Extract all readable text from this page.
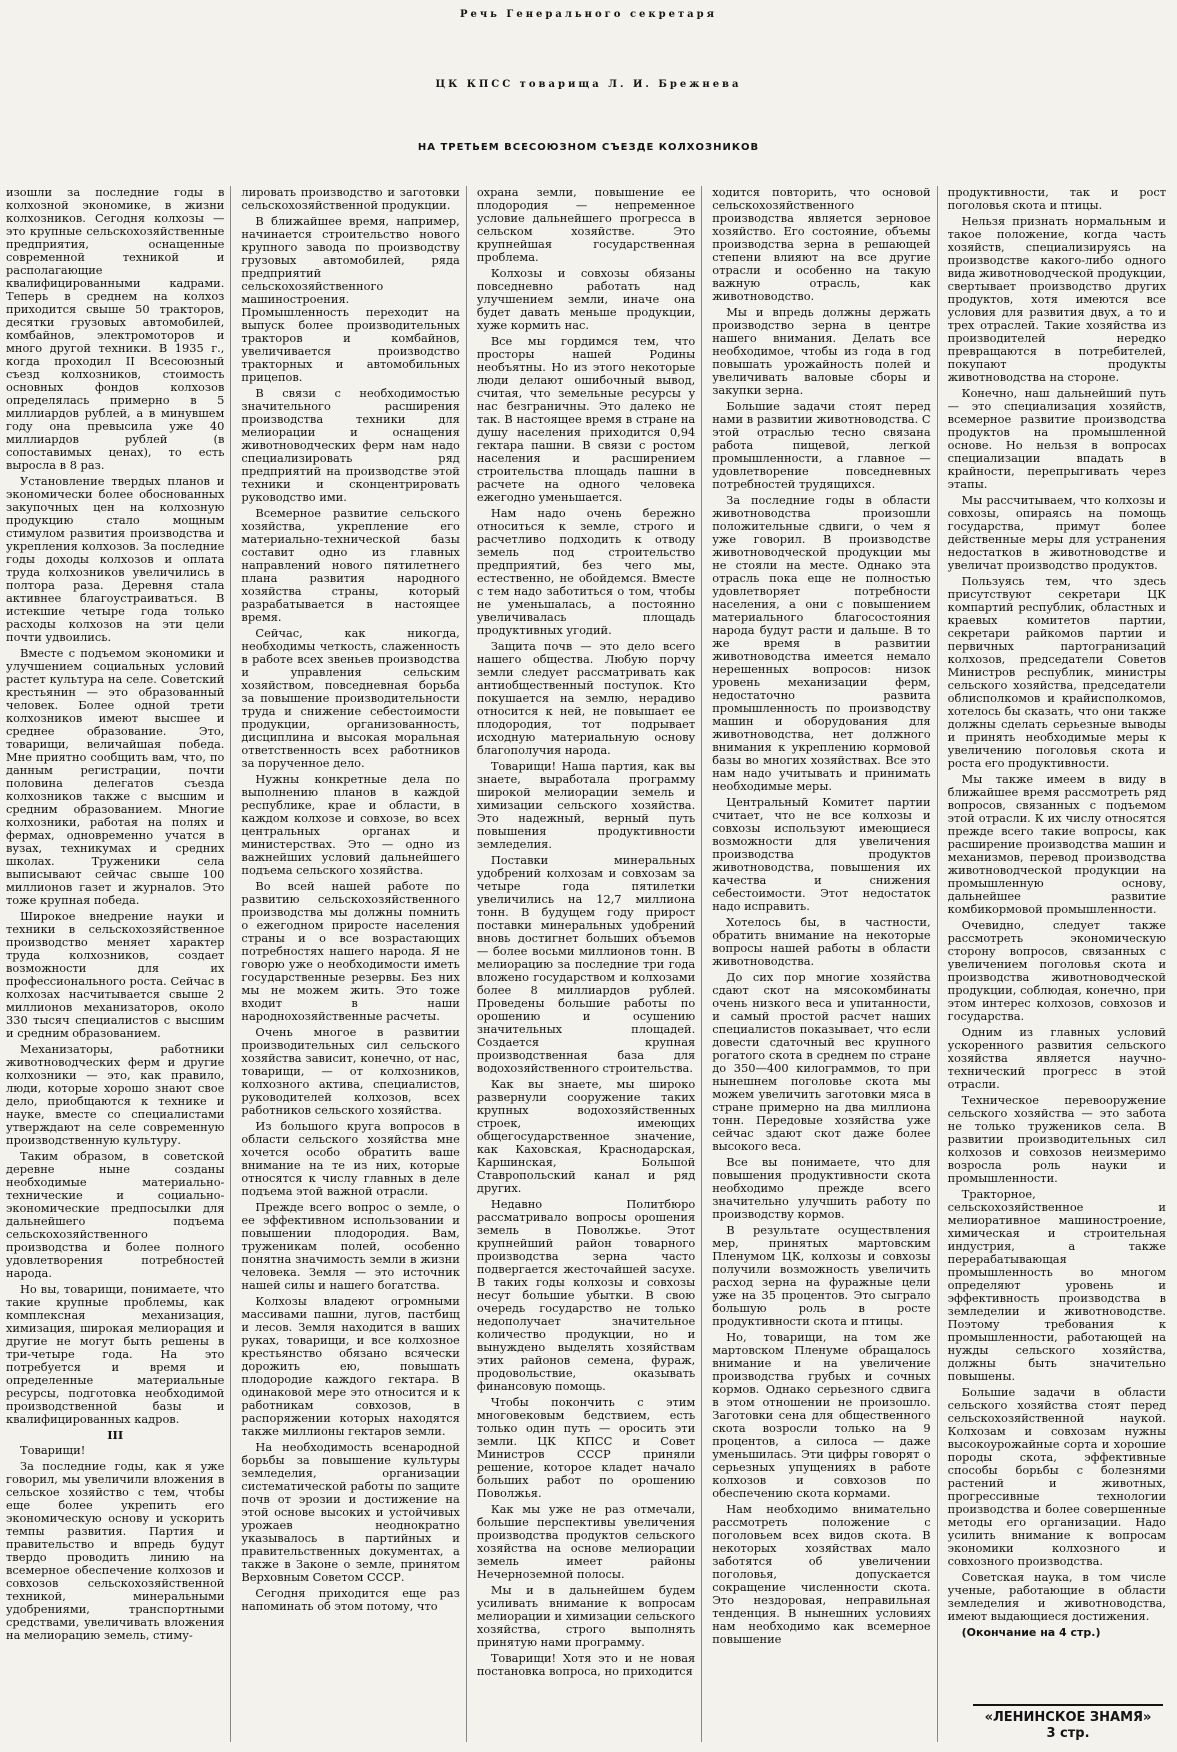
Речь Генерального секретаря
ЦК КПСС товарища Л. И. Брежнева
НА ТРЕТЬЕМ ВСЕСОЮЗНОМ СЪЕЗДЕ КОЛХОЗНИКОВ

изошли за последние годы в колхозной экономике, в жизни колхозников. Сегодня колхозы — это крупные сельскохозяйственные предприятия, оснащенные современной техникой и располагающие квалифицированными кадрами. Теперь в среднем на колхоз приходится свыше 50 тракторов, десятки грузовых автомобилей, комбайнов, электромоторов и много другой техники. В 1935 г., когда проходил II Всесоюзный съезд колхозников, стоимость основных фондов колхозов определялась примерно в 5 миллиардов рублей, а в минувшем году она превысила уже 40 миллиардов рублей (в сопоставимых ценах), то есть выросла в 8 раз.

Установление твердых планов и экономически более обоснованных закупочных цен на колхозную продукцию стало мощным стимулом развития производства и укрепления колхозов. За последние годы доходы колхозов и оплата труда колхозников увеличились в полтора раза. Деревня стала активнее благоустраиваться. В истекшие четыре года только расходы колхозов на эти цели почти удвоились.

Вместе с подъемом экономики и улучшением социальных условий растет культура на селе. Советский крестьянин — это образованный человек. Более одной трети колхозников имеют высшее и среднее образование. Это, товарищи, величайшая победа. Мне приятно сообщить вам, что, по данным регистрации, почти половина делегатов съезда колхозников также с высшим и средним образованием. Многие колхозники, работая на полях и фермах, одновременно учатся в вузах, техникумах и средних школах. Труженики села выписывают сейчас свыше 100 миллионов газет и журналов. Это тоже крупная победа.

Широкое внедрение науки и техники в сельскохозяйственное производство меняет характер труда колхозников, создает возможности для их профессионального роста. Сейчас в колхозах насчитывается свыше 2 миллионов механизаторов, около 330 тысяч специалистов с высшим и средним образованием.

Механизаторы, работники животноводческих ферм и другие колхозники — это, как правило, люди, которые хорошо знают свое дело, приобщаются к технике и науке, вместе со специалистами утверждают на селе современную производственную культуру.

Таким образом, в советской деревне ныне созданы необходимые материально-технические и социально-экономические предпосылки для дальнейшего подъема сельскохозяйственного производства и более полного удовлетворения потребностей народа.

Но вы, товарищи, понимаете, что такие крупные проблемы, как комплексная механизация, химизация, широкая мелиорация и другие не могут быть решены в три-четыре года. На это потребуется и время и определенные материальные ресурсы, подготовка необходимой производственной базы и квалифицированных кадров.

III

Товарищи!

За последние годы, как я уже говорил, мы увеличили вложения в сельское хозяйство с тем, чтобы еще более укрепить его экономическую основу и ускорить темпы развития. Партия и правительство и впредь будут твердо проводить линию на всемерное обеспечение колхозов и совхозов сельскохозяйственной техникой, минеральными удобрениями, транспортными средствами, увеличивать вложения на мелиорацию земель, стиму-

лировать производство и заготовки сельскохозяйственной продукции.

В ближайшее время, например, начинается строительство нового крупного завода по производству грузовых автомобилей, ряда предприятий сельскохозяйственного машиностроения. Промышленность переходит на выпуск более производительных тракторов и комбайнов, увеличивается производство тракторных и автомобильных прицепов.

В связи с необходимостью значительного расширения производства техники для мелиорации и оснащения животноводческих ферм нам надо специализировать ряд предприятий на производстве этой техники и сконцентрировать руководство ими.

Всемерное развитие сельского хозяйства, укрепление его материально-технической базы составит одно из главных направлений нового пятилетнего плана развития народного хозяйства страны, который разрабатывается в настоящее время.

Сейчас, как никогда, необходимы четкость, слаженность в работе всех звеньев производства и управления сельским хозяйством, повседневная борьба за повышение производительности труда и снижение себестоимости продукции, организованность, дисциплина и высокая моральная ответственность всех работников за порученное дело.

Нужны конкретные дела по выполнению планов в каждой республике, крае и области, в каждом колхозе и совхозе, во всех центральных органах и министерствах. Это — одно из важнейших условий дальнейшего подъема сельского хозяйства.

Во всей нашей работе по развитию сельскохозяйственного производства мы должны помнить о ежегодном приросте населения страны и о все возрастающих потребностях нашего народа. Я не говорю уже о необходимости иметь государственные резервы. Без них мы не можем жить. Это тоже входит в наши народнохозяйственные расчеты.

Очень многое в развитии производительных сил сельского хозяйства зависит, конечно, от нас, товарищи, — от колхозников, колхозного актива, специалистов, руководителей колхозов, всех работников сельского хозяйства.

Из большого круга вопросов в области сельского хозяйства мне хочется особо обратить ваше внимание на те из них, которые относятся к числу главных в деле подъема этой важной отрасли.

Прежде всего вопрос о земле, о ее эффективном использовании и повышении плодородия. Вам, труженикам полей, особенно понятна значимость земли в жизни человека. Земля — это источник нашей силы и нашего богатства.

Колхозы владеют огромными массивами пашни, лугов, пастбищ и лесов. Земля находится в ваших руках, товарищи, и все колхозное крестьянство обязано всячески дорожить ею, повышать плодородие каждого гектара. В одинаковой мере это относится и к работникам совхозов, в распоряжении которых находятся также миллионы гектаров земли.

На необходимость всенародной борьбы за повышение культуры земледелия, организации систематической работы по защите почв от эрозии и достижение на этой основе высоких и устойчивых урожаев неоднократно указывалось в партийных и правительственных документах, а также в Законе о земле, принятом Верховным Советом СССР.

Сегодня приходится еще раз напоминать об этом потому, что

охрана земли, повышение ее плодородия — непременное условие дальнейшего прогресса в сельском хозяйстве. Это крупнейшая государственная проблема.

Колхозы и совхозы обязаны повседневно работать над улучшением земли, иначе она будет давать меньше продукции, хуже кормить нас.

Все мы гордимся тем, что просторы нашей Родины необъятны. Но из этого некоторые люди делают ошибочный вывод, считая, что земельные ресурсы у нас безграничны. Это далеко не так. В настоящее время в стране на душу населения приходится 0,94 гектара пашни. В связи с ростом населения и расширением строительства площадь пашни в расчете на одного человека ежегодно уменьшается.

Нам надо очень бережно относиться к земле, строго и расчетливо подходить к отводу земель под строительство предприятий, без чего мы, естественно, не обойдемся. Вместе с тем надо заботиться о том, чтобы не уменьшалась, а постоянно увеличивалась площадь продуктивных угодий.

Защита почв — это дело всего нашего общества. Любую порчу земли следует рассматривать как антиобщественный поступок. Кто покушается на землю, нерадиво относится к ней, не повышает ее плодородия, тот подрывает исходную материальную основу благополучия народа.

Товарищи! Наша партия, как вы знаете, выработала программу широкой мелиорации земель и химизации сельского хозяйства. Это надежный, верный путь повышения продуктивности земледелия.

Поставки минеральных удобрений колхозам и совхозам за четыре года пятилетки увеличились на 12,7 миллиона тонн. В будущем году прирост поставки минеральных удобрений вновь достигнет больших объемов — более восьми миллионов тонн. В мелиорацию за последние три года вложено государством и колхозами более 8 миллиардов рублей. Проведены большие работы по орошению и осушению значительных площадей. Создается крупная производственная база для водохозяйственного строительства.

Как вы знаете, мы широко развернули сооружение таких крупных водохозяйственных строек, имеющих общегосударственное значение, как Каховская, Краснодарская, Каршинская, Большой Ставропольский канал и ряд других.

Недавно Политбюро рассматривало вопросы орошения земель в Поволжье. Этот крупнейший район товарного производства зерна часто подвергается жесточайшей засухе. В таких годы колхозы и совхозы несут большие убытки. В свою очередь государство не только недополучает значительное количество продукции, но и вынуждено выделять хозяйствам этих районов семена, фураж, продовольствие, оказывать финансовую помощь.

Чтобы покончить с этим многовековым бедствием, есть только один путь — оросить эти земли. ЦК КПСС и Совет Министров СССР приняли решение, которое кладет начало больших работ по орошению Поволжья.

Как мы уже не раз отмечали, большие перспективы увеличения производства продуктов сельского хозяйства на основе мелиорации земель имеет районы Нечерноземной полосы.

Мы и в дальнейшем будем усиливать внимание к вопросам мелиорации и химизации сельского хозяйства, строго выполнять принятую нами программу.

Товарищи! Хотя это и не новая постановка вопроса, но приходится

ходится повторить, что основой сельскохозяйственного производства является зерновое хозяйство. Его состояние, объемы производства зерна в решающей степени влияют на все другие отрасли и особенно на такую важную отрасль, как животноводство.

Мы и впредь должны держать производство зерна в центре нашего внимания. Делать все необходимое, чтобы из года в год повышать урожайность полей и увеличивать валовые сборы и закупки зерна.

Большие задачи стоят перед нами в развитии животноводства. С этой отраслью тесно связана работа пищевой, легкой промышленности, а главное — удовлетворение повседневных потребностей трудящихся.

За последние годы в области животноводства произошли положительные сдвиги, о чем я уже говорил. В производстве животноводческой продукции мы не стояли на месте. Однако эта отрасль пока еще не полностью удовлетворяет потребности населения, а они с повышением материального благосостояния народа будут расти и дальше. В то же время в развитии животноводства имеется немало нерешенных вопросов: низок уровень механизации ферм, недостаточно развита промышленность по производству машин и оборудования для животноводства, нет должного внимания к укреплению кормовой базы во многих хозяйствах. Все это нам надо учитывать и принимать необходимые меры.

Центральный Комитет партии считает, что не все колхозы и совхозы используют имеющиеся возможности для увеличения производства продуктов животноводства, повышения их качества и снижения себестоимости. Этот недостаток надо исправить.

Хотелось бы, в частности, обратить внимание на некоторые вопросы нашей работы в области животноводства.

До сих пор многие хозяйства сдают скот на мясокомбинаты очень низкого веса и упитанности, и самый простой расчет наших специалистов показывает, что если довести сдаточный вес крупного рогатого скота в среднем по стране до 350—400 килограммов, то при нынешнем поголовье скота мы можем увеличить заготовки мяса в стране примерно на два миллиона тонн. Передовые хозяйства уже сейчас здают скот даже более высокого веса.

Все вы понимаете, что для повышения продуктивности скота необходимо прежде всего значительно улучшить работу по производству кормов.

В результате осуществления мер, принятых мартовским Пленумом ЦК, колхозы и совхозы получили возможность увеличить расход зерна на фуражные цели уже на 35 процентов. Это сыграло большую роль в росте продуктивности скота и птицы.

Но, товарищи, на том же мартовском Пленуме обращалось внимание и на увеличение производства грубых и сочных кормов. Однако серьезного сдвига в этом отношении не произошло. Заготовки сена для общественного скота возросли только на 9 процентов, а силоса — даже уменьшилась. Эти цифры говорят о серьезных упущениях в работе колхозов и совхозов по обеспечению скота кормами.

Нам необходимо внимательно рассмотреть положение с поголовьем всех видов скота. В некоторых хозяйствах мало заботятся об увеличении поголовья, допускается сокращение численности скота. Это нездоровая, неправильная тенденция. В нынешних условиях нам необходимо как всемерное повышение

продуктивности, так и рост поголовья скота и птицы.

Нельзя признать нормальным и такое положение, когда часть хозяйств, специализируясь на производстве какого-либо одного вида животноводческой продукции, свертывает производство других продуктов, хотя имеются все условия для развития двух, а то и трех отраслей. Такие хозяйства из производителей нередко превращаются в потребителей, покупают продукты животноводства на стороне.

Конечно, наш дальнейший путь — это специализация хозяйств, всемерное развитие производства продуктов на промышленной основе. Но нельзя в вопросах специализации впадать в крайности, перепрыгивать через этапы.

Мы рассчитываем, что колхозы и совхозы, опираясь на помощь государства, примут более действенные меры для устранения недостатков в животноводстве и увеличат производство продуктов.

Пользуясь тем, что здесь присутствуют секретари ЦК компартий республик, областных и краевых комитетов партии, секретари райкомов партии и первичных партогранизаций колхозов, председатели Советов Министров республик, министры сельского хозяйства, председатели облисполкомов и крайисполкомов, хотелось бы сказать, что они также должны сделать серьезные выводы и принять необходимые меры к увеличению поголовья скота и роста его продуктивности.

Мы также имеем в виду в ближайшее время рассмотреть ряд вопросов, связанных с подъемом этой отрасли. К их числу относятся прежде всего такие вопросы, как расширение производства машин и механизмов, перевод производства животноводческой продукции на промышленную основу, дальнейшее развитие комбикормовой промышленности.

Очевидно, следует также рассмотреть экономическую сторону вопросов, связанных с увеличением поголовья скота и производства животноводческой продукции, соблюдая, конечно, при этом интерес колхозов, совхозов и государства.

Одним из главных условий ускоренного развития сельского хозяйства является научно-технический прогресс в этой отрасли.

Техническое перевооружение сельского хозяйства — это забота не только тружеников села. В развитии производительных сил колхозов и совхозов неизмеримо возросла роль науки и промышленности.

Тракторное, сельскохозяйственное и мелиоративное машиностроение, химическая и строительная индустрия, а также перерабатывающая промышленность во многом определяют уровень и эффективность производства в земледелии и животноводстве. Поэтому требования к промышленности, работающей на нужды сельского хозяйства, должны быть значительно повышены.

Большие задачи в области сельского хозяйства стоят перед сельскохозяйственной наукой. Колхозам и совхозам нужны высокоурожайные сорта и хорошие породы скота, эффективные способы борьбы с болезнями растений и животных, прогрессивные технологии производства и более совершенные методы его организации. Надо усилить внимание к вопросам экономики колхозного и совхозного производства.

Советская наука, в том числе ученые, работающие в области земледелия и животноводства, имеют выдающиеся достижения.

(Окончание на 4 стр.)

«ЛЕНИНСКОЕ ЗНАМЯ»
3 стр.
